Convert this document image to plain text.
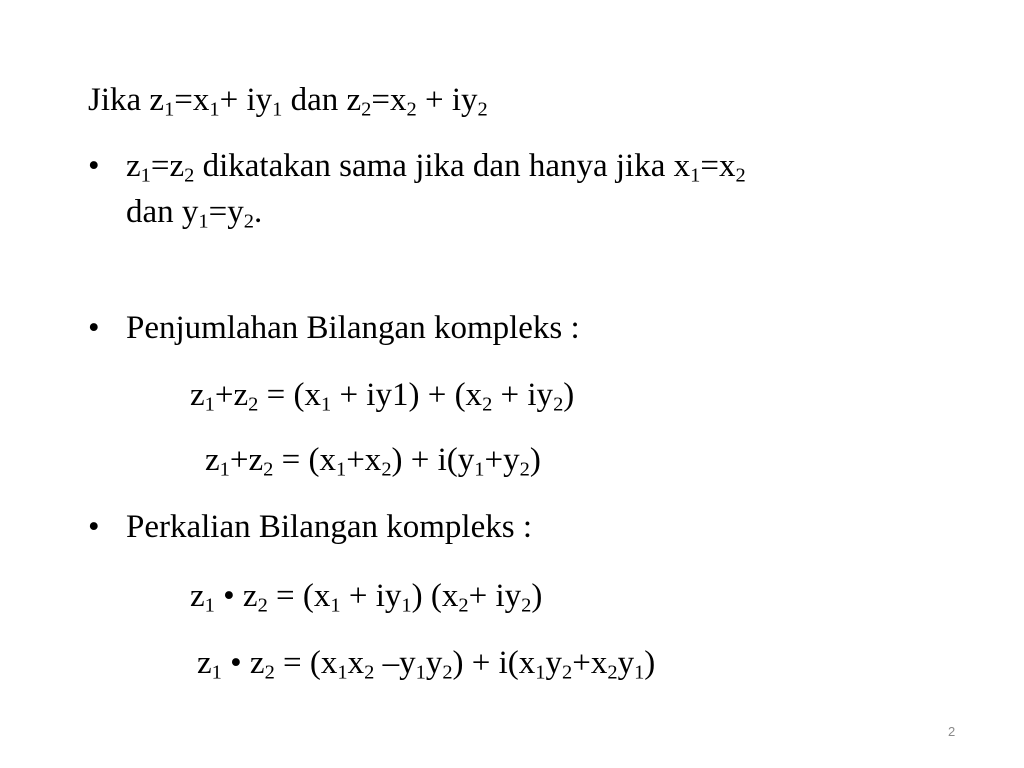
Jika $z_1=x_1+ iy_1$ dan $z_2=x_2 + iy_2$
• $z_1=z_2$ dikatakan sama jika dan hanya jika $x_1=x_2$
dan $y_1=y_2$.
• Penjumlahan Bilangan kompleks :
$z_1+z_2 = (x_1 + iy1) + (x_2 + iy_2)$
$z_1+z_2 = (x_1+x_2) + i(y_1+y_2)$
• Perkalian Bilangan kompleks :
$z_1$ • $z_2 = (x_1 + iy_1)$ $(x_2+ iy_2)$
$z_1$ • $z_2 = (x_1x_2$ $-y_1y_2) + i(x_1y_2+x_2y_1)$
2
